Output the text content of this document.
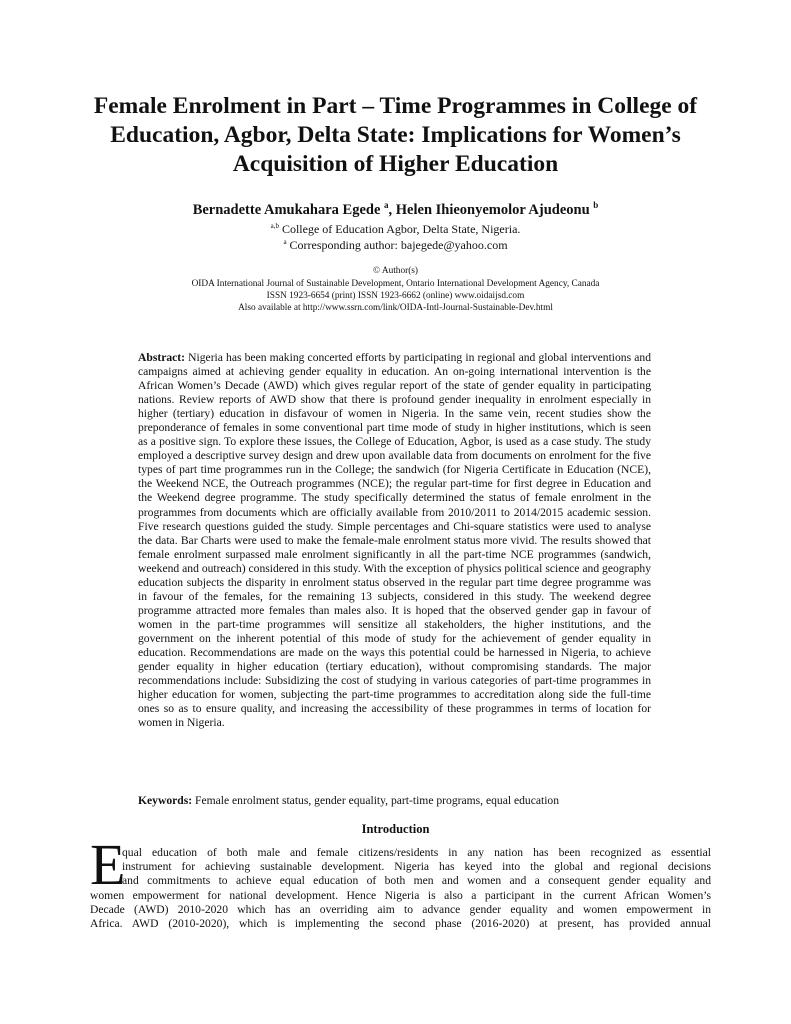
Female Enrolment in Part – Time Programmes in College of
Education, Agbor, Delta State: Implications for Women’s
Acquisition of Higher Education
Bernadette Amukahara Egede $^a$, Helen Ihieonyemolor Ajudeonu $^b$
$^{a,b}$ College of Education Agbor, Delta State, Nigeria.
$^a$ Corresponding author: bajegede@yahoo.com
© Author(s)
OIDA International Journal of Sustainable Development, Ontario International Development Agency, Canada
ISSN 1923-6654 (print) ISSN 1923-6662 (online) www.oidaijsd.com
Also available at http://www.ssrn.com/link/OIDA-Intl-Journal-Sustainable-Dev.html

Abstract: Nigeria has been making concerted efforts by participating in regional and global interventions and campaigns aimed at achieving gender equality in education. An on-going international intervention is the African Women’s Decade (AWD) which gives regular report of the state of gender equality in participating nations. Review reports of AWD show that there is profound gender inequality in enrolment especially in higher (tertiary) education in disfavour of women in Nigeria. In the same vein, recent studies show the preponderance of females in some conventional part time mode of study in higher institutions, which is seen as a positive sign. To explore these issues, the College of Education, Agbor, is used as a case study. The study employed a descriptive survey design and drew upon available data from documents on enrolment for the five types of part time programmes run in the College; the sandwich (for Nigeria Certificate in Education (NCE), the Weekend NCE, the Outreach programmes (NCE); the regular part-time for first degree in Education and the Weekend degree programme. The study specifically determined the status of female enrolment in the programmes from documents which are officially available from 2010/2011 to 2014/2015 academic session. Five research questions guided the study. Simple percentages and Chi-square statistics were used to analyse the data. Bar Charts were used to make the female-male enrolment status more vivid. The results showed that female enrolment surpassed male enrolment significantly in all the part-time NCE programmes (sandwich, weekend and outreach) considered in this study. With the exception of physics political science and geography education subjects the disparity in enrolment status observed in the regular part time degree programme was in favour of the females, for the remaining 13 subjects, considered in this study. The weekend degree programme attracted more females than males also. It is hoped that the observed gender gap in favour of women in the part-time programmes will sensitize all stakeholders, the higher institutions, and the government on the inherent potential of this mode of study for the achievement of gender equality in education. Recommendations are made on the ways this potential could be harnessed in Nigeria, to achieve gender equality in higher education (tertiary education), without compromising standards. The major recommendations include: Subsidizing the cost of studying in various categories of part-time programmes in higher education for women, subjecting the part-time programmes to accreditation along side the full-time ones so as to ensure quality, and increasing the accessibility of these programmes in terms of location for women in Nigeria.

Keywords: Female enrolment status, gender equality, part-time programs, equal education
Introduction
E
qual education of both male and female citizens/residents in any nation has been recognized as essential
instrument for achieving sustainable development. Nigeria has keyed into the global and regional decisions
and commitments to achieve equal education of both men and women and a consequent gender equality and
women empowerment for national development. Hence Nigeria is also a participant in the current African Women’s
Decade (AWD) 2010-2020 which has an overriding aim to advance gender equality and women empowerment in
Africa. AWD (2010-2020), which is implementing the second phase (2016-2020) at present, has provided annual
